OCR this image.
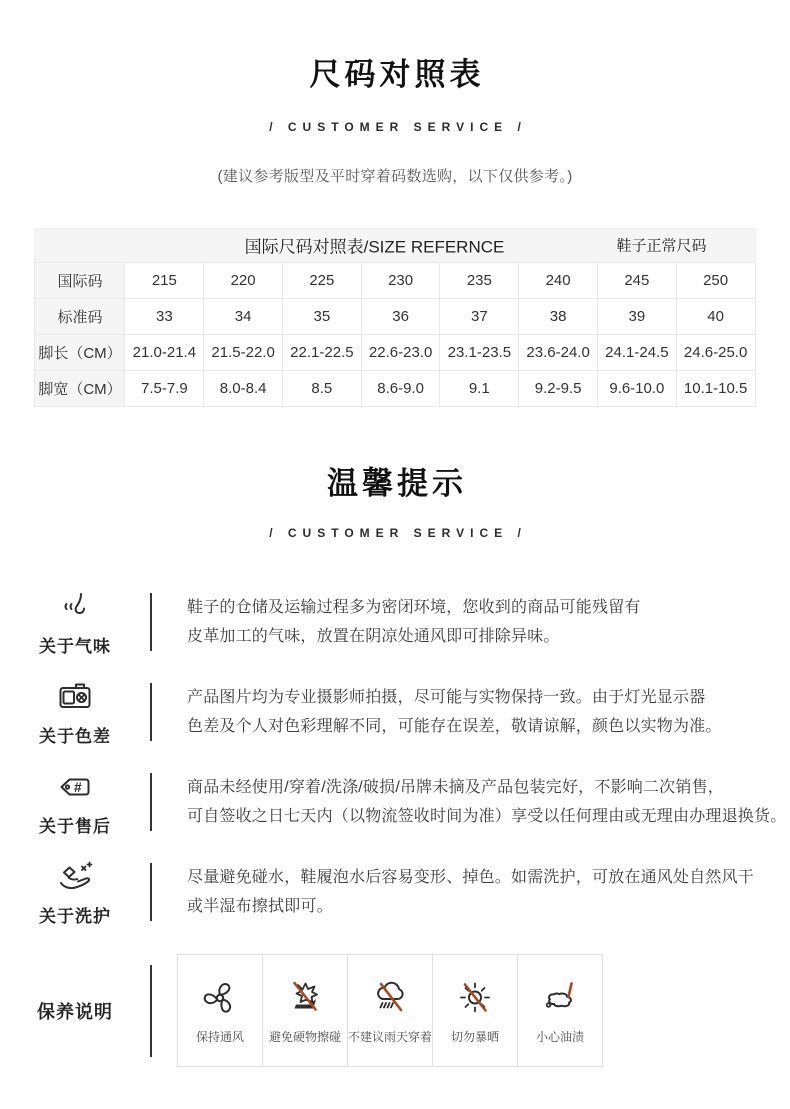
尺码对照表
/ CUSTOMER SERVICE /
(建议参考版型及平时穿着码数选购，以下仅供参考。)
国际尺码对照表/SIZE REFERNCE 鞋子正常尺码								

国际码	215	220	225	230	235	240	245	250
标准码	33	34	35	36	37	38	39	40
脚长（CM）	21.0-21.4	21.5-22.0	22.1-22.5	22.6-23.0	23.1-23.5	23.6-24.0	24.1-24.5	24.6-25.0
脚宽（CM）	7.5-7.9	8.0-8.4	8.5	8.6-9.0	9.1	9.2-9.5	9.6-10.0	10.1-10.5
温馨提示
/ CUSTOMER SERVICE /
关于气味
鞋子的仓储及运输过程多为密闭环境，您收到的商品可能残留有
皮革加工的气味，放置在阴凉处通风即可排除异味。
关于色差
产品图片均为专业摄影师拍摄，尽可能与实物保持一致。由于灯光显示器
色差及个人对色彩理解不同，可能存在误差，敬请谅解，颜色以实物为准。
#
关于售后
商品未经使用/穿着/洗涤/破损/吊牌未摘及产品包装完好，不影响二次销售，
可自签收之日七天内（以物流签收时间为准）享受以任何理由或无理由办理退换货。
关于洗护
尽量避免碰水，鞋履泡水后容易变形、掉色。如需洗护，可放在通风处自然风干
或半湿布擦拭即可。
保养说明
保持通风 避免硬物擦碰 不建议雨天穿着 切勿暴晒	小心油渍
